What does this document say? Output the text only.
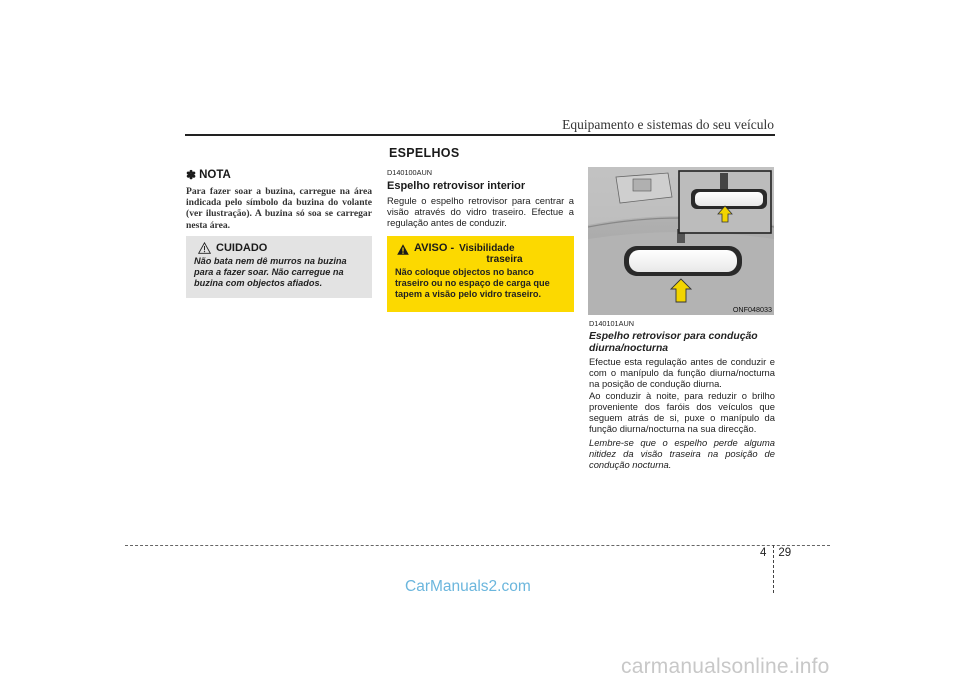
Equipamento e sistemas do seu veículo
✽ NOTA
Para fazer soar a buzina, carregue na área indicada pelo símbolo da buzina do volante (ver ilustração). A buzina só soa se carregar nesta área.
CUIDADO
Não bata nem dê murros na buzina para a fazer soar. Não carregue na buzina com objectos afiados.
ESPELHOS
D140100AUN
Espelho retrovisor interior
Regule o espelho retrovisor para centrar a visão através do vidro traseiro. Efectue a regulação antes de conduzir.
AVISO - Visibilidade
traseira
Não coloque objectos no banco traseiro ou no espaço de carga que tapem a visão pelo vidro traseiro.
ONF048033
D140101AUN
Espelho retrovisor para condução diurna/nocturna
Efectue esta regulação antes de conduzir e com o manípulo da função diurna/nocturna na posição de condução diurna.
Ao conduzir à noite, para reduzir o brilho proveniente dos faróis dos veículos que seguem atrás de si, puxe o manípulo da função diurna/nocturna na sua direcção.
Lembre-se que o espelho perde alguma nitidez da visão traseira na posição de condução nocturna.
4 29
CarManuals2.com
carmanualsonline.info
